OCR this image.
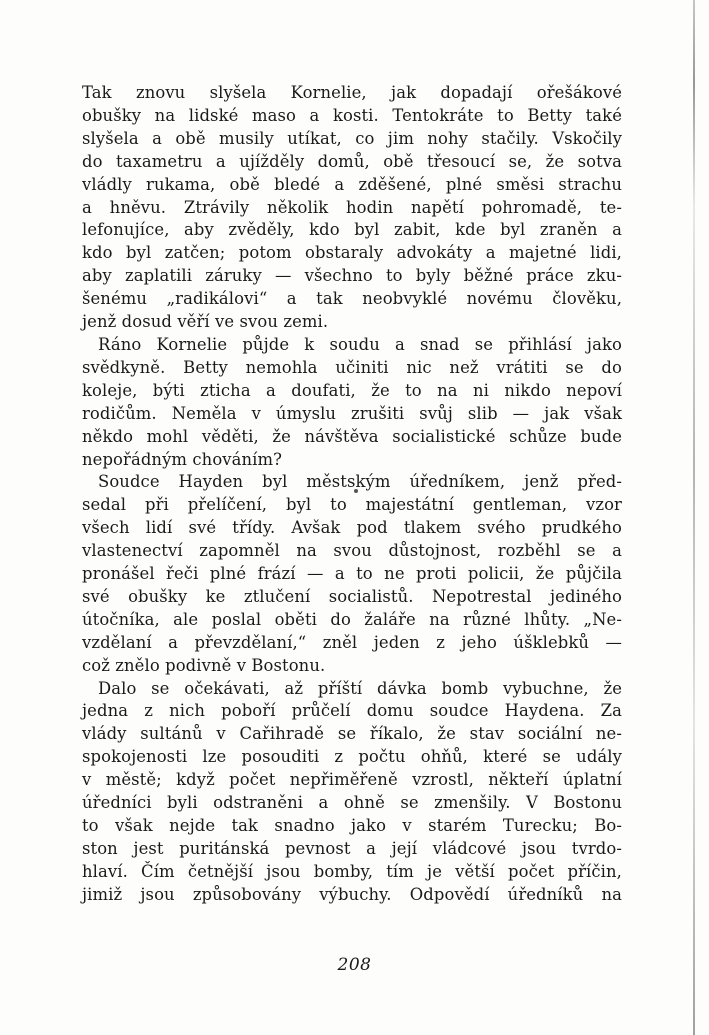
Tak znovu slyšela Kornelie, jak dopadají ořešákové
obušky na lidské maso a kosti. Tentokráte to Betty také
slyšela a obě musily utíkat, co jim nohy stačily. Vskočily
do taxametru a ujížděly domů, obě třesoucí se, že sotva
vládly rukama, obě bledé a zděšené, plné směsi strachu
a hněvu. Ztrávily několik hodin napětí pohromadě, te-
lefonujíce, aby zvěděly, kdo byl zabit, kde byl zraněn a
kdo byl zatčen; potom obstaraly advokáty a majetné lidi,
aby zaplatili záruky — všechno to byly běžné práce zku-
šenému „radikálovi“ a tak neobvyklé novému člověku,
jenž dosud věří ve svou zemi.
Ráno Kornelie půjde k soudu a snad se přihlásí jako
svědkyně. Betty nemohla učiniti nic než vrátiti se do
koleje, býti zticha a doufati, že to na ni nikdo nepoví
rodičům. Neměla v úmyslu zrušiti svůj slib — jak však
někdo mohl věděti, že návštěva socialistické schůze bude
nepořádným chováním?
Soudce Hayden byl městským úředníkem, jenž před-
sedal při přelíčení, byl to majestátní gentleman, vzor
všech lidí své třídy. Avšak pod tlakem svého prudkého
vlastenectví zapomněl na svou důstojnost, rozběhl se a
pronášel řeči plné frází — a to ne proti policii, že půjčila
své obušky ke ztlučení socialistů. Nepotrestal jediného
útočníka, ale poslal oběti do žaláře na různé lhůty. „Ne-
vzdělaní a převzdělaní,“ zněl jeden z jeho úšklebků —
což znělo podivně v Bostonu.
Dalo se očekávati, až příští dávka bomb vybuchne, že
jedna z nich poboří průčelí domu soudce Haydena. Za
vlády sultánů v Cařihradě se říkalo, že stav sociální ne-
spokojenosti lze posouditi z počtu ohňů, které se udály
v městě; když počet nepřiměřeně vzrostl, někteří úplatní
úředníci byli odstraněni a ohně se zmenšily. V Bostonu
to však nejde tak snadno jako v starém Turecku; Bo-
ston jest puritánská pevnost a její vládcové jsou tvrdo-
hlaví. Čím četnější jsou bomby, tím je větší počet příčin,
jimiž jsou způsobovány výbuchy. Odpovědí úředníků na
208
